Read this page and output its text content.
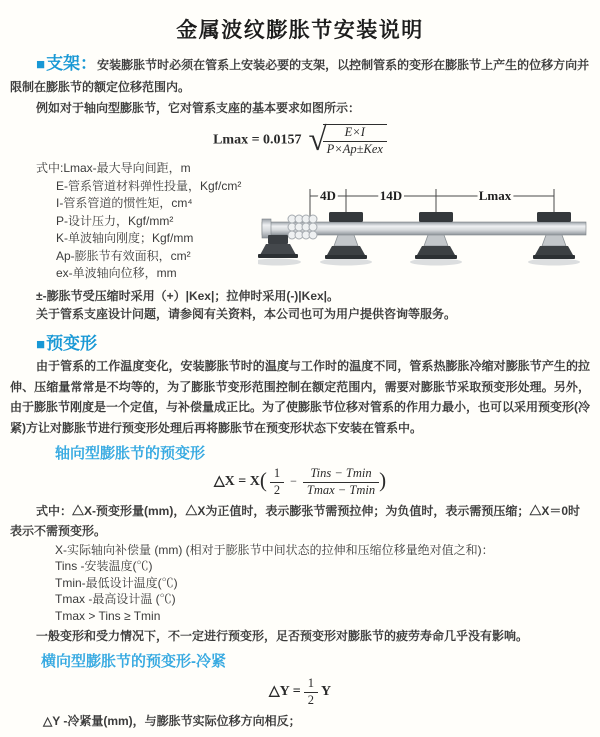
金属波纹膨胀节安装说明

■支架：安装膨胀节时必须在管系上安装必要的支架，以控制管系的变形在膨胀节上产生的位移方向并限制在膨胀节的额定位移范围内。

例如对于轴向型膨胀节，它对管系支座的基本要求如图所示：

Lmax = 0.0157 √
$\frac{E\times I}{\text{P×Ap±Kex}}$
式中:Lmax-最大导向间距，m
E-管系管道材料弹性投量，Kgf/cm²
I-管系管道的惯性矩，cm⁴
P-设计压力，Kgf/mm²
K-单波轴向刚度；Kgf/mm
Ap-膨胀节有效面积，cm²
ex-单波轴向位移，mm
4D	14D	Lmax

±-膨胀节受压缩时采用（+）|Kex|；拉伸时采用(-)|Kex|。

关于管系支座设计问题，请参阅有关资料，本公司也可为用户提供咨询等服务。

■预变形

由于管系的工作温度变化，安装膨胀节时的温度与工作时的温度不同，管系热膨胀冷缩对膨胀节产生的拉伸、压缩量常常是不均等的，为了膨胀节变形范围控制在额定范围内，需要对膨胀节采取预变形处理。另外，由于膨胀节刚度是一个定值，与补偿量成正比。为了使膨胀节位移对管系的作用力最小，也可以采用预变形(冷紧)方让对膨胀节进行预变形处理后再将膨胀节在预变形状态下安装在管系中。

轴向型膨胀节的预变形
△X = $X( \frac{1}{2} - \frac{\text{Tins − Tmin}}{Tmax - Tmin}$ )

式中：△X-预变形量(mm)，△X为正值时，表示膨张节需预拉伸；为负值时，表示需预压缩；△X＝0时表示不需预变形。

X-实际轴向补偿量 (mm) (相对于膨胀节中间状态的拉伸和压缩位移量绝对值之和)：

Tins -安装温度(℃)

Tmin-最低设计温度(℃)

Tmax -最高设计温 (℃)

Tmax > Tins ≥ Tmin

一般变形和受力情况下，不一定进行预变形，足否预变形对膨胀节的疲劳寿命几乎没有影响。

横向型膨胀节的预变形-冷紧
△Y = $\frac{1}{2}$ Y

△Y -冷紧量(mm)，与膨胀节实际位移方向相反；
